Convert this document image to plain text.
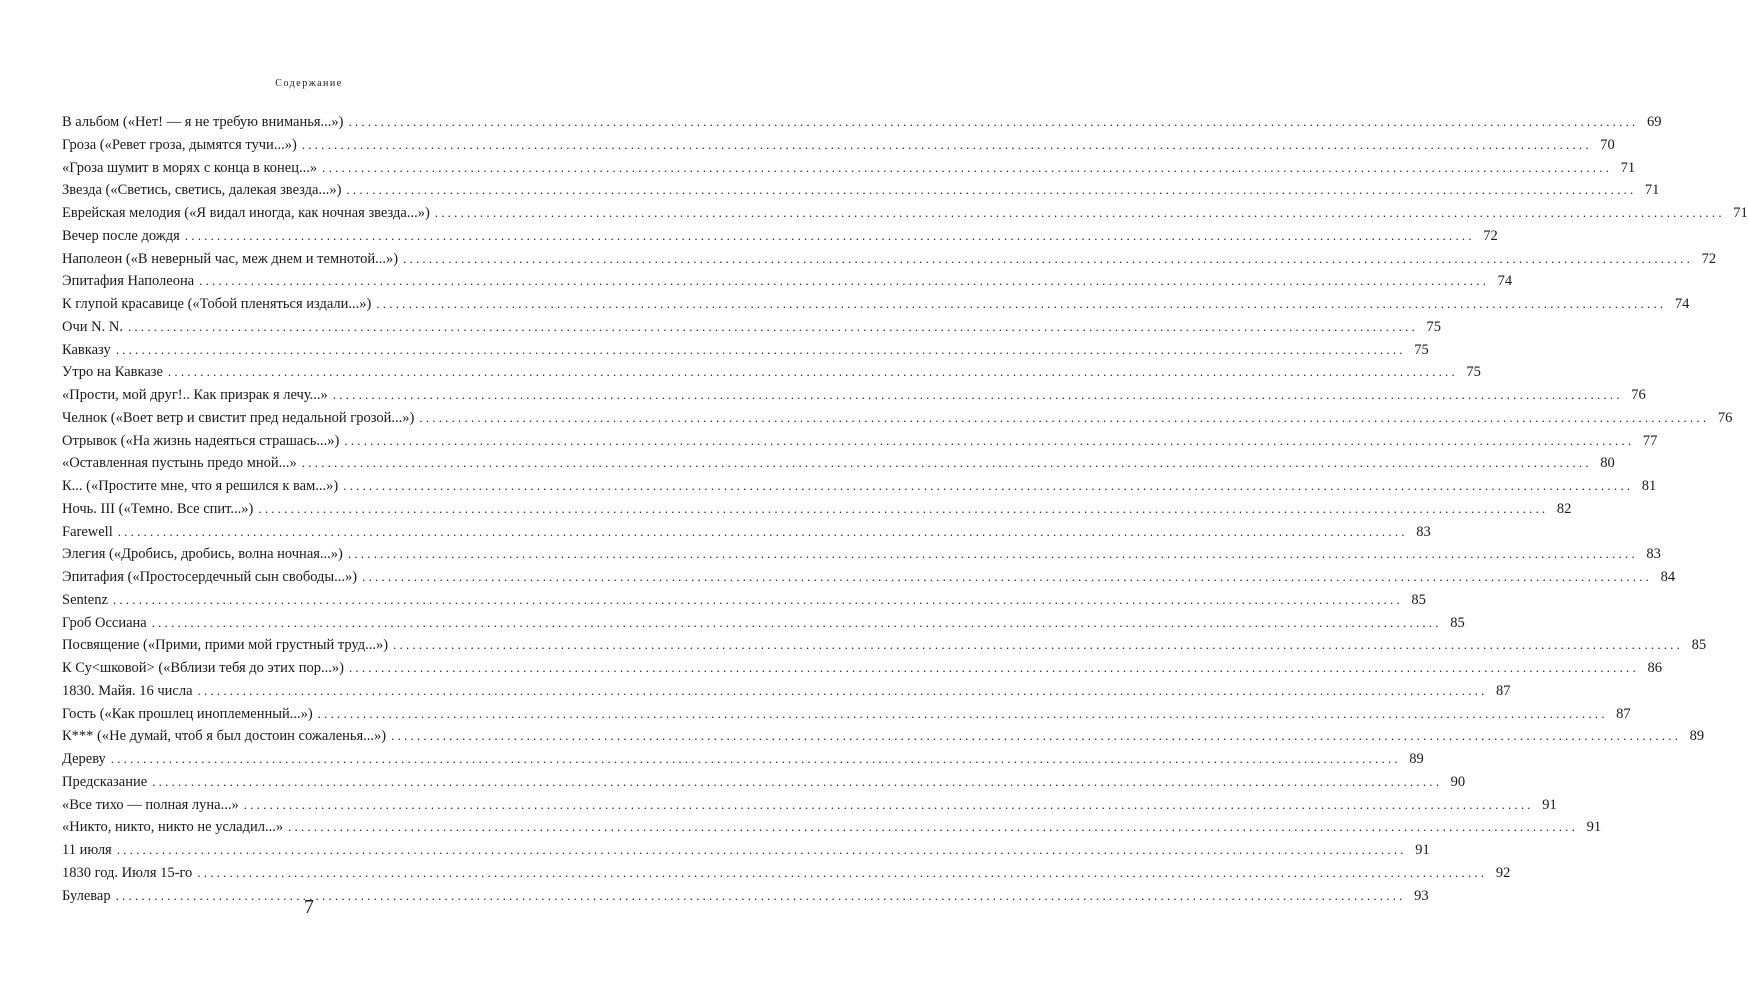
Содержание
В альбом («Нет! — я не требую вниманья...») ........................................................................................................................................................................................................ 69
Гроза («Ревет гроза, дымятся тучи...») ........................................................................................................................................................................................................ 70
«Гроза шумит в морях с конца в конец...» ........................................................................................................................................................................................................ 71
Звезда («Светись, светись, далекая звезда...») ........................................................................................................................................................................................................ 71
Еврейская мелодия («Я видал иногда, как ночная звезда...») ........................................................................................................................................................................................................ 71
Вечер после дождя ........................................................................................................................................................................................................ 72
Наполеон («В неверный час, меж днем и темнотой...») ........................................................................................................................................................................................................ 72
Эпитафия Наполеона ........................................................................................................................................................................................................ 74
К глупой красавице («Тобой пленяться издали...») ........................................................................................................................................................................................................ 74
Очи N. N. ........................................................................................................................................................................................................ 75
Кавказу ........................................................................................................................................................................................................ 75
Утро на Кавказе ........................................................................................................................................................................................................ 75
«Прости, мой друг!.. Как призрак я лечу...» ........................................................................................................................................................................................................ 76
Челнок («Воет ветр и свистит пред недальной грозой...») ........................................................................................................................................................................................................ 76
Отрывок («На жизнь надеяться страшась...») ........................................................................................................................................................................................................ 77
«Оставленная пустынь предо мной...» ........................................................................................................................................................................................................ 80
К... («Простите мне, что я решился к вам...») ........................................................................................................................................................................................................ 81
Ночь. III («Темно. Все спит...») ........................................................................................................................................................................................................ 82
Farewell ........................................................................................................................................................................................................ 83
Элегия («Дробись, дробись, волна ночная...») ........................................................................................................................................................................................................ 83
Эпитафия («Простосердечный сын свободы...») ........................................................................................................................................................................................................ 84
Sentenz ........................................................................................................................................................................................................ 85
Гроб Оссиана ........................................................................................................................................................................................................ 85
Посвящение («Прими, прими мой грустный труд...») ........................................................................................................................................................................................................ 85
К Су<шковой> («Вблизи тебя до этих пор...») ........................................................................................................................................................................................................ 86
1830. Майя. 16 числа ........................................................................................................................................................................................................ 87
Гость («Как прошлец иноплеменный...») ........................................................................................................................................................................................................ 87
К*** («Не думай, чтоб я был достоин сожаленья...») ........................................................................................................................................................................................................ 89
Дереву ........................................................................................................................................................................................................ 89
Предсказание ........................................................................................................................................................................................................ 90
«Все тихо — полная луна...» ........................................................................................................................................................................................................ 91
«Никто, никто, никто не усладил...» ........................................................................................................................................................................................................ 91
11 июля ........................................................................................................................................................................................................ 91
1830 год. Июля 15-го ........................................................................................................................................................................................................ 92
Булевар ........................................................................................................................................................................................................ 93
7
